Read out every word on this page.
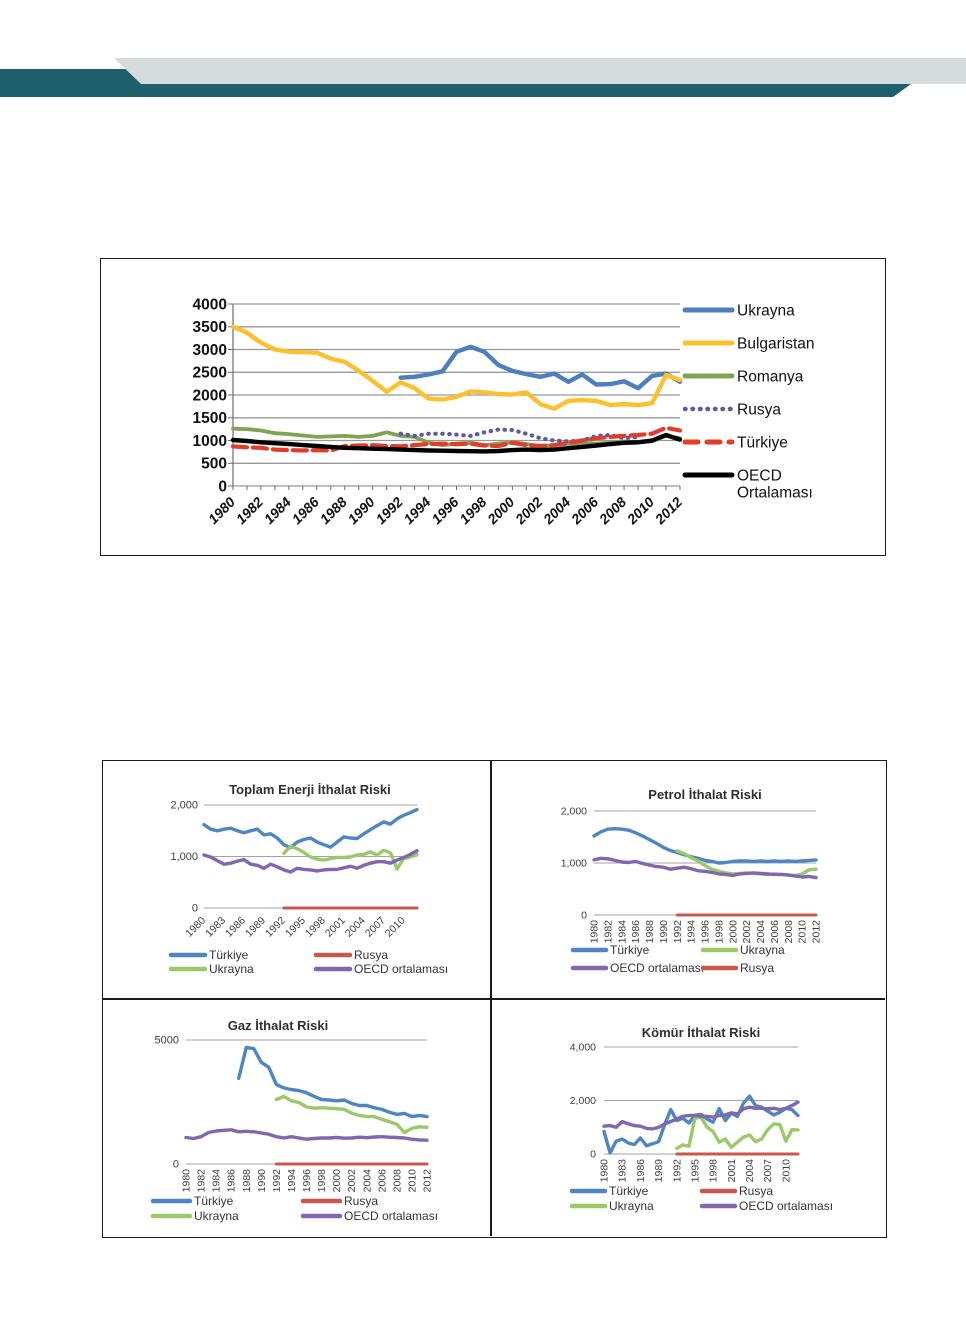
0
500
1000
1500
2000
2500
3000
3500
4000
1980
1982
1984
1986
1988
1990
1992
1994
1996
1998
2000
2002
2004
2006
2008
2010
2012
Ukrayna
Bulgaristan
Romanya
Rusya
Türkiye
OECD
Ortalaması
0
1,000
2,000
1980
1983
1986
1989
1992
1995
1998
2001
2004
2007
2010
Toplam Enerji İthalat Riski
Türkiye
Ukrayna
Rusya
OECD ortalaması
0
1,000
2,000
1980 1982 1984 1986 1988 1990 1992 1994 1996 1998 2000 2002 2004 2006 2008 2010 2012
Petrol İthalat Riski
Türkiye
OECD ortalaması
Ukrayna
Rusya
0
5000
1980 1982 1984 1986 1988 1990 1992 1994 1996 1998 2000 2002 2004 2006 2008 2010 2012
Gaz İthalat Riski
Türkiye
Ukrayna
Rusya
OECD ortalaması
0
2,000
4,000
1980 1983 1986 1989 1992 1995 1998 2001 2004 2007 2010
Kömür İthalat Riski
Türkiye
Ukrayna
Rusya
OECD ortalaması
